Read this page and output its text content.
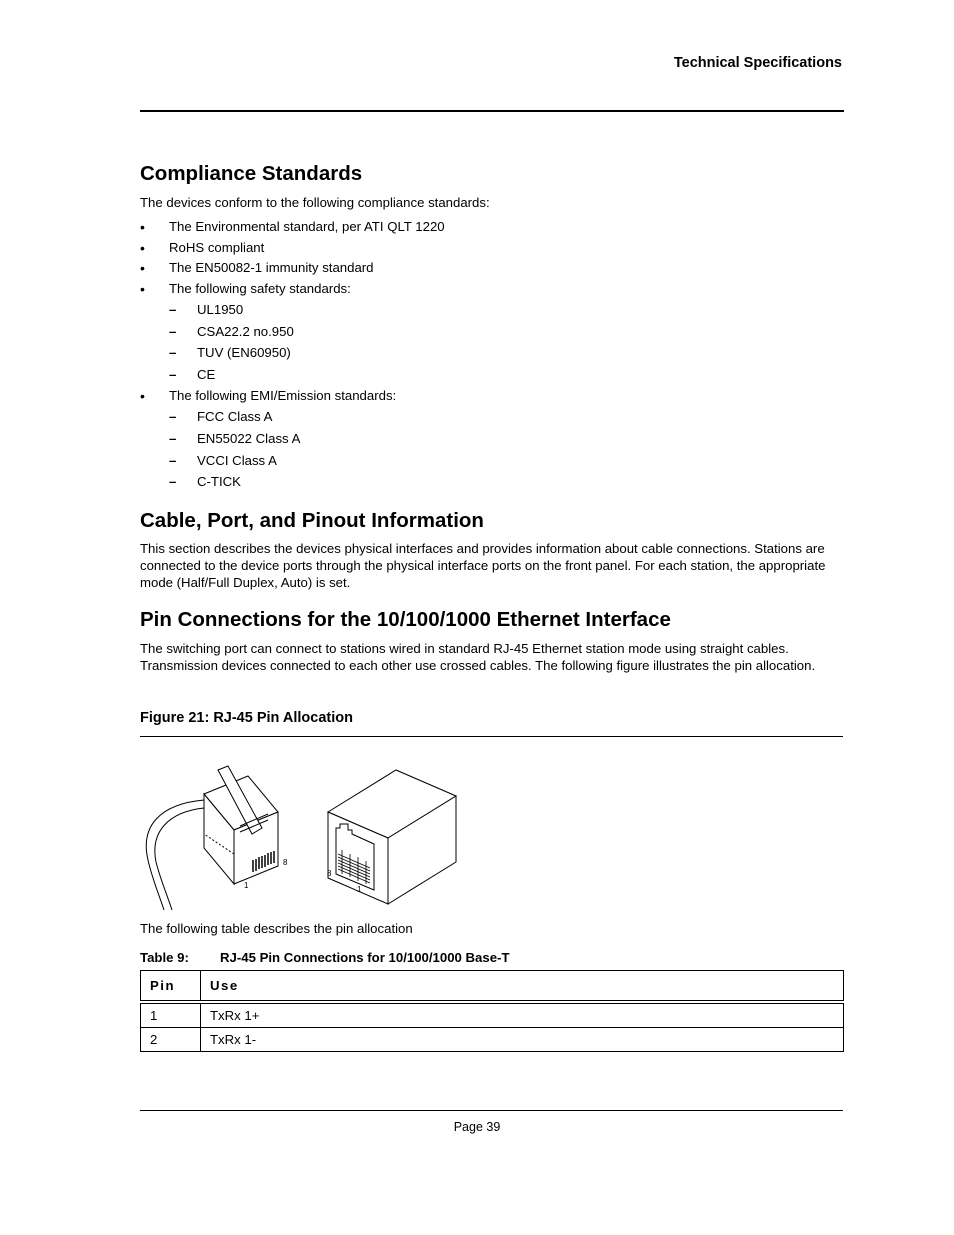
Technical Specifications
Compliance Standards

The devices conform to the following compliance standards:

• The Environmental standard, per ATI QLT 1220
• RoHS compliant
• The EN50082-1 immunity standard
• The following safety standards:
– UL1950
– CSA22.2 no.950
– TUV (EN60950)
– CE
• The following EMI/Emission standards:
– FCC Class A
– EN55022 Class A
– VCCI Class A
– C-TICK
Cable, Port, and Pinout Information

This section describes the devices physical interfaces and provides information about cable connections. Stations are connected to the device ports through the physical interface ports on the front panel. For each station, the appropriate mode (Half/Full Duplex, Auto) is set.

Pin Connections for the 10/100/1000 Ethernet Interface

The switching port can connect to stations wired in standard RJ-45 Ethernet station mode using straight cables. Transmission devices connected to each other use crossed cables. The following figure illustrates the pin allocation.

Figure 21: RJ-45 Pin Allocation
1
8
8
1

The following table describes the pin allocation

Table 9: RJ-45 Pin Connections for 10/100/1000 Base-T
Pin	Use
1	TxRx 1+
2	TxRx 1-
Page 39
